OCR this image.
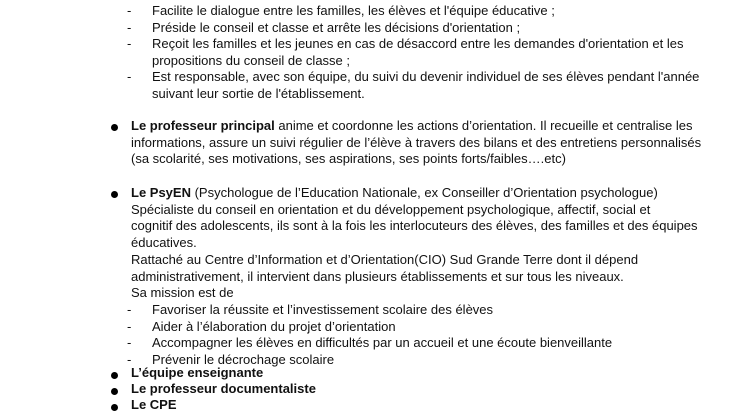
- Facilite le dialogue entre les familles, les élèves et l'équipe éducative ;
- Préside le conseil et classe et arrête les décisions d'orientation ;
- Reçoit les familles et les jeunes en cas de désaccord entre les demandes d'orientation et les
propositions du conseil de classe ;
- Est responsable, avec son équipe, du suivi du devenir individuel de ses élèves pendant l'année
suivant leur sortie de l'établissement.
Le professeur principal anime et coordonne les actions d’orientation. Il recueille et centralise les
informations, assure un suivi régulier de l’élève à travers des bilans et des entretiens personnalisés
(sa scolarité, ses motivations, ses aspirations, ses points forts/faibles….etc)
Le PsyEN (Psychologue de l’Education Nationale, ex Conseiller d’Orientation psychologue)
Spécialiste du conseil en orientation et du développement psychologique, affectif, social et
cognitif des adolescents, ils sont à la fois les interlocuteurs des élèves, des familles et des équipes
éducatives.
Rattaché au Centre d’Information et d’Orientation(CIO) Sud Grande Terre dont il dépend
administrativement, il intervient dans plusieurs établissements et sur tous les niveaux.
Sa mission est de
- Favoriser la réussite et l’investissement scolaire des élèves
- Aider à l’élaboration du projet d’orientation
- Accompagner les élèves en difficultés par un accueil et une écoute bienveillante
- Prévenir le décrochage scolaire
L’équipe enseignante
Le professeur documentaliste
Le CPE
